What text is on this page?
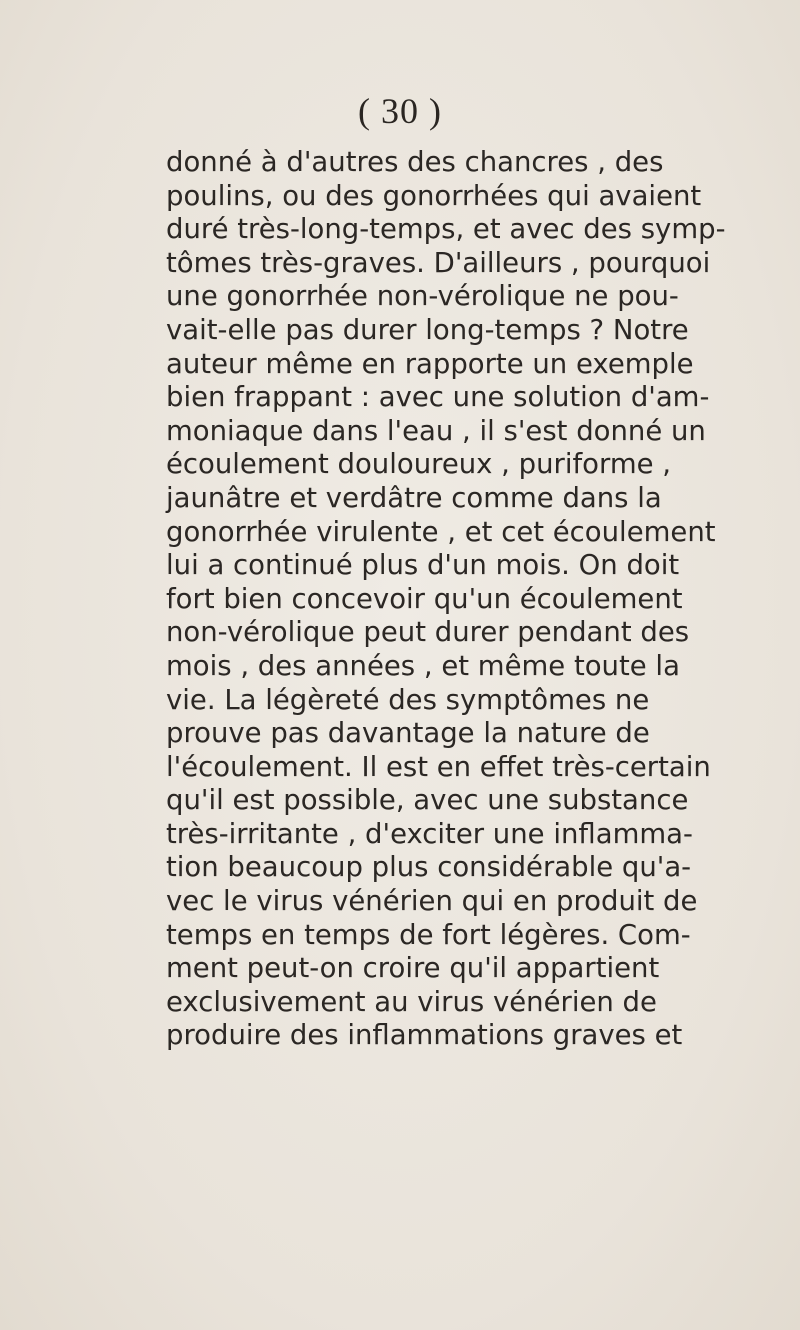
( 30 )
donné à d'autres des chancres , des
poulins, ou des gonorrhées qui avaient
duré très-long-temps, et avec des symp-
tômes très-graves. D'ailleurs , pourquoi
une gonorrhée non-vérolique ne pou-
vait-elle pas durer long-temps ? Notre
auteur même en rapporte un exemple
bien frappant : avec une solution d'am-
moniaque dans l'eau , il s'est donné un
écoulement douloureux , puriforme ,
jaunâtre et verdâtre comme dans la
gonorrhée virulente , et cet écoulement
lui a continué plus d'un mois. On doit
fort bien concevoir qu'un écoulement
non-vérolique peut durer pendant des
mois , des années , et même toute la
vie. La légèreté des symptômes ne
prouve pas davantage la nature de
l'écoulement. Il est en effet très-certain
qu'il est possible, avec une substance
très-irritante , d'exciter une inflamma-
tion beaucoup plus considérable qu'a-
vec le virus vénérien qui en produit de
temps en temps de fort légères. Com-
ment peut-on croire qu'il appartient
exclusivement au virus vénérien de
produire des inflammations graves et
